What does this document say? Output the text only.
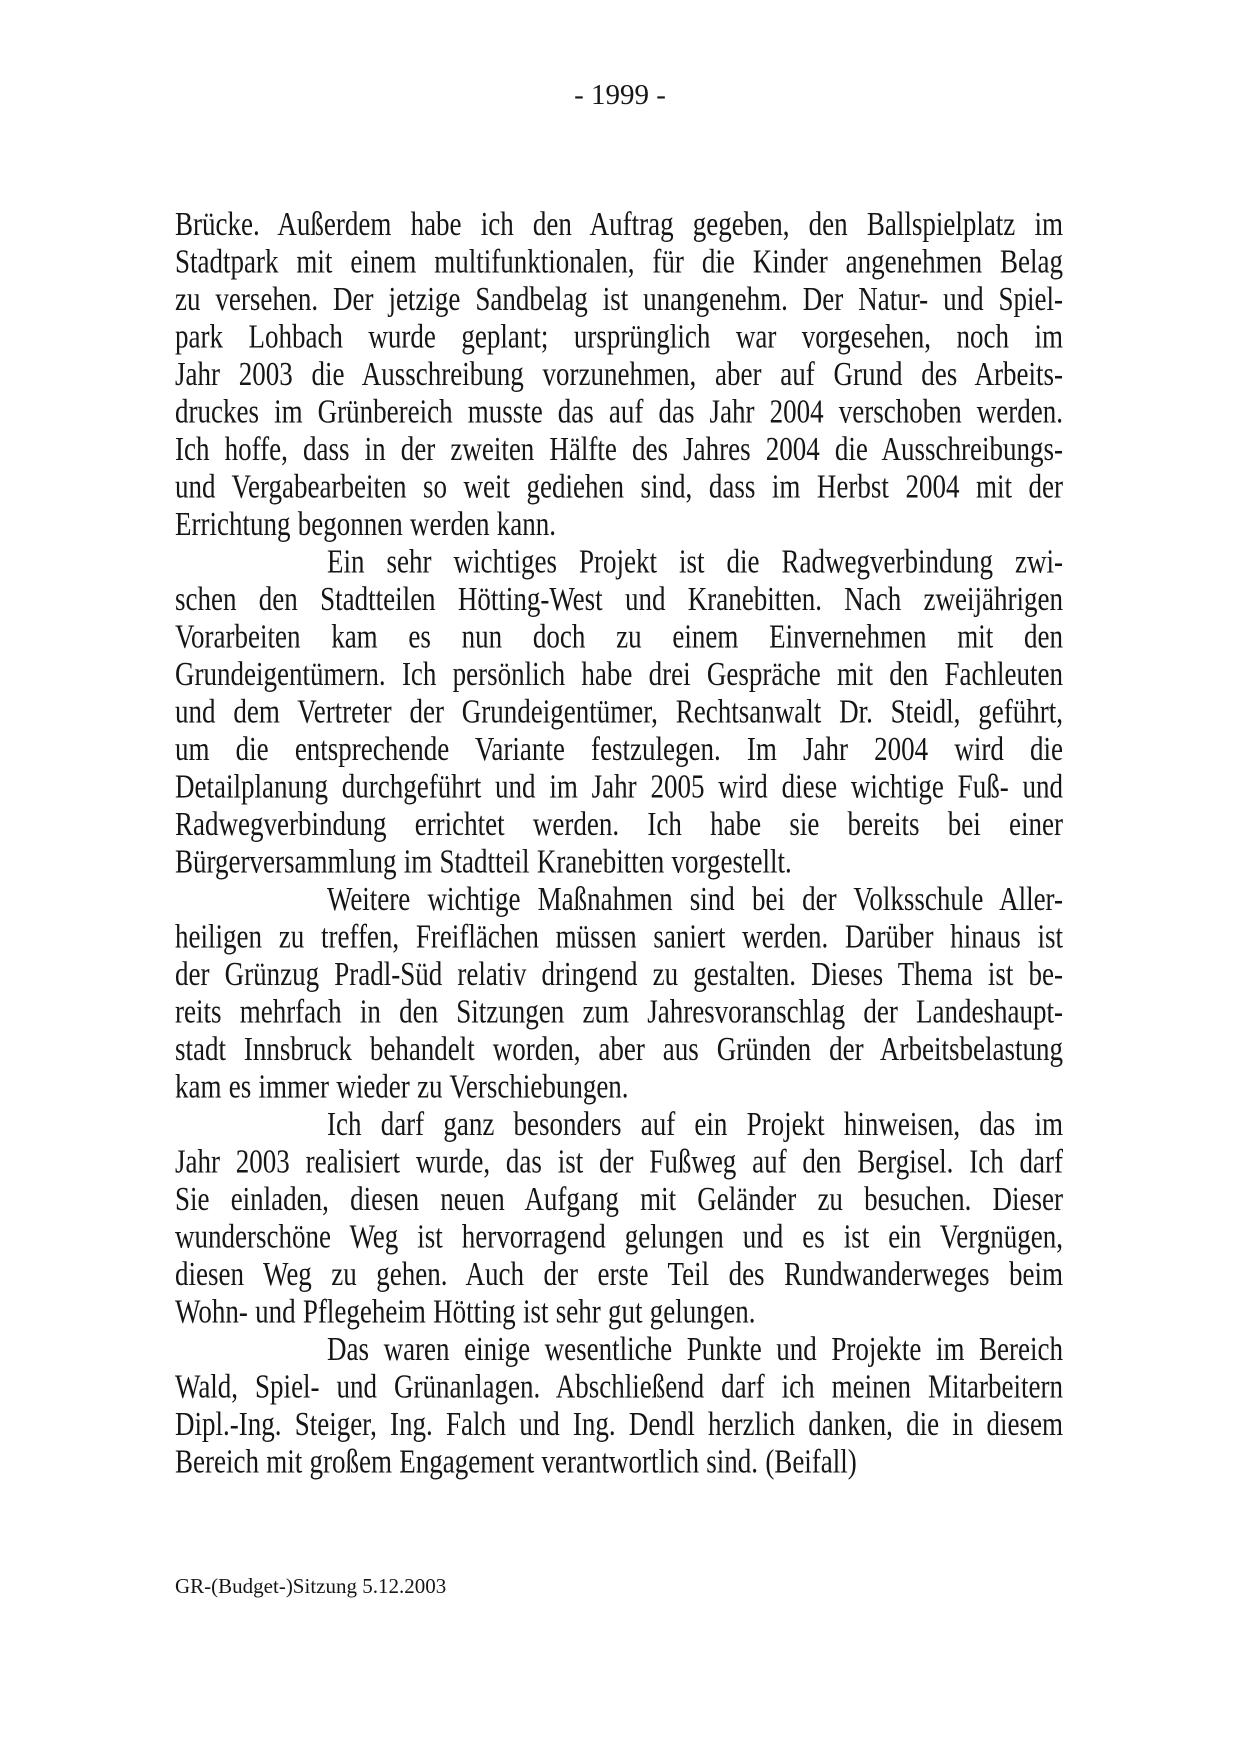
- 1999 -
Brücke. Außerdem habe ich den Auftrag gegeben, den Ballspielplatz im
Stadtpark mit einem multifunktionalen, für die Kinder angenehmen Belag
zu versehen. Der jetzige Sandbelag ist unangenehm. Der Natur- und Spiel-
park Lohbach wurde geplant; ursprünglich war vorgesehen, noch im
Jahr 2003 die Ausschreibung vorzunehmen, aber auf Grund des Arbeits-
druckes im Grünbereich musste das auf das Jahr 2004 verschoben werden.
Ich hoffe, dass in der zweiten Hälfte des Jahres 2004 die Ausschreibungs-
und Vergabearbeiten so weit gediehen sind, dass im Herbst 2004 mit der
Errichtung begonnen werden kann.
Ein sehr wichtiges Projekt ist die Radwegverbindung zwi-
schen den Stadtteilen Hötting-West und Kranebitten. Nach zweijährigen
Vorarbeiten kam es nun doch zu einem Einvernehmen mit den
Grundeigentümern. Ich persönlich habe drei Gespräche mit den Fachleuten
und dem Vertreter der Grundeigentümer, Rechtsanwalt Dr. Steidl, geführt,
um die entsprechende Variante festzulegen. Im Jahr 2004 wird die
Detailplanung durchgeführt und im Jahr 2005 wird diese wichtige Fuß- und
Radwegverbindung errichtet werden. Ich habe sie bereits bei einer
Bürgerversammlung im Stadtteil Kranebitten vorgestellt.
Weitere wichtige Maßnahmen sind bei der Volksschule Aller-
heiligen zu treffen, Freiflächen müssen saniert werden. Darüber hinaus ist
der Grünzug Pradl-Süd relativ dringend zu gestalten. Dieses Thema ist be-
reits mehrfach in den Sitzungen zum Jahresvoranschlag der Landeshaupt-
stadt Innsbruck behandelt worden, aber aus Gründen der Arbeitsbelastung
kam es immer wieder zu Verschiebungen.
Ich darf ganz besonders auf ein Projekt hinweisen, das im
Jahr 2003 realisiert wurde, das ist der Fußweg auf den Bergisel. Ich darf
Sie einladen, diesen neuen Aufgang mit Geländer zu besuchen. Dieser
wunderschöne Weg ist hervorragend gelungen und es ist ein Vergnügen,
diesen Weg zu gehen. Auch der erste Teil des Rundwanderweges beim
Wohn- und Pflegeheim Hötting ist sehr gut gelungen.
Das waren einige wesentliche Punkte und Projekte im Bereich
Wald, Spiel- und Grünanlagen. Abschließend darf ich meinen Mitarbeitern
Dipl.-Ing. Steiger, Ing. Falch und Ing. Dendl herzlich danken, die in diesem
Bereich mit großem Engagement verantwortlich sind. (Beifall)
GR-(Budget-)Sitzung 5.12.2003
